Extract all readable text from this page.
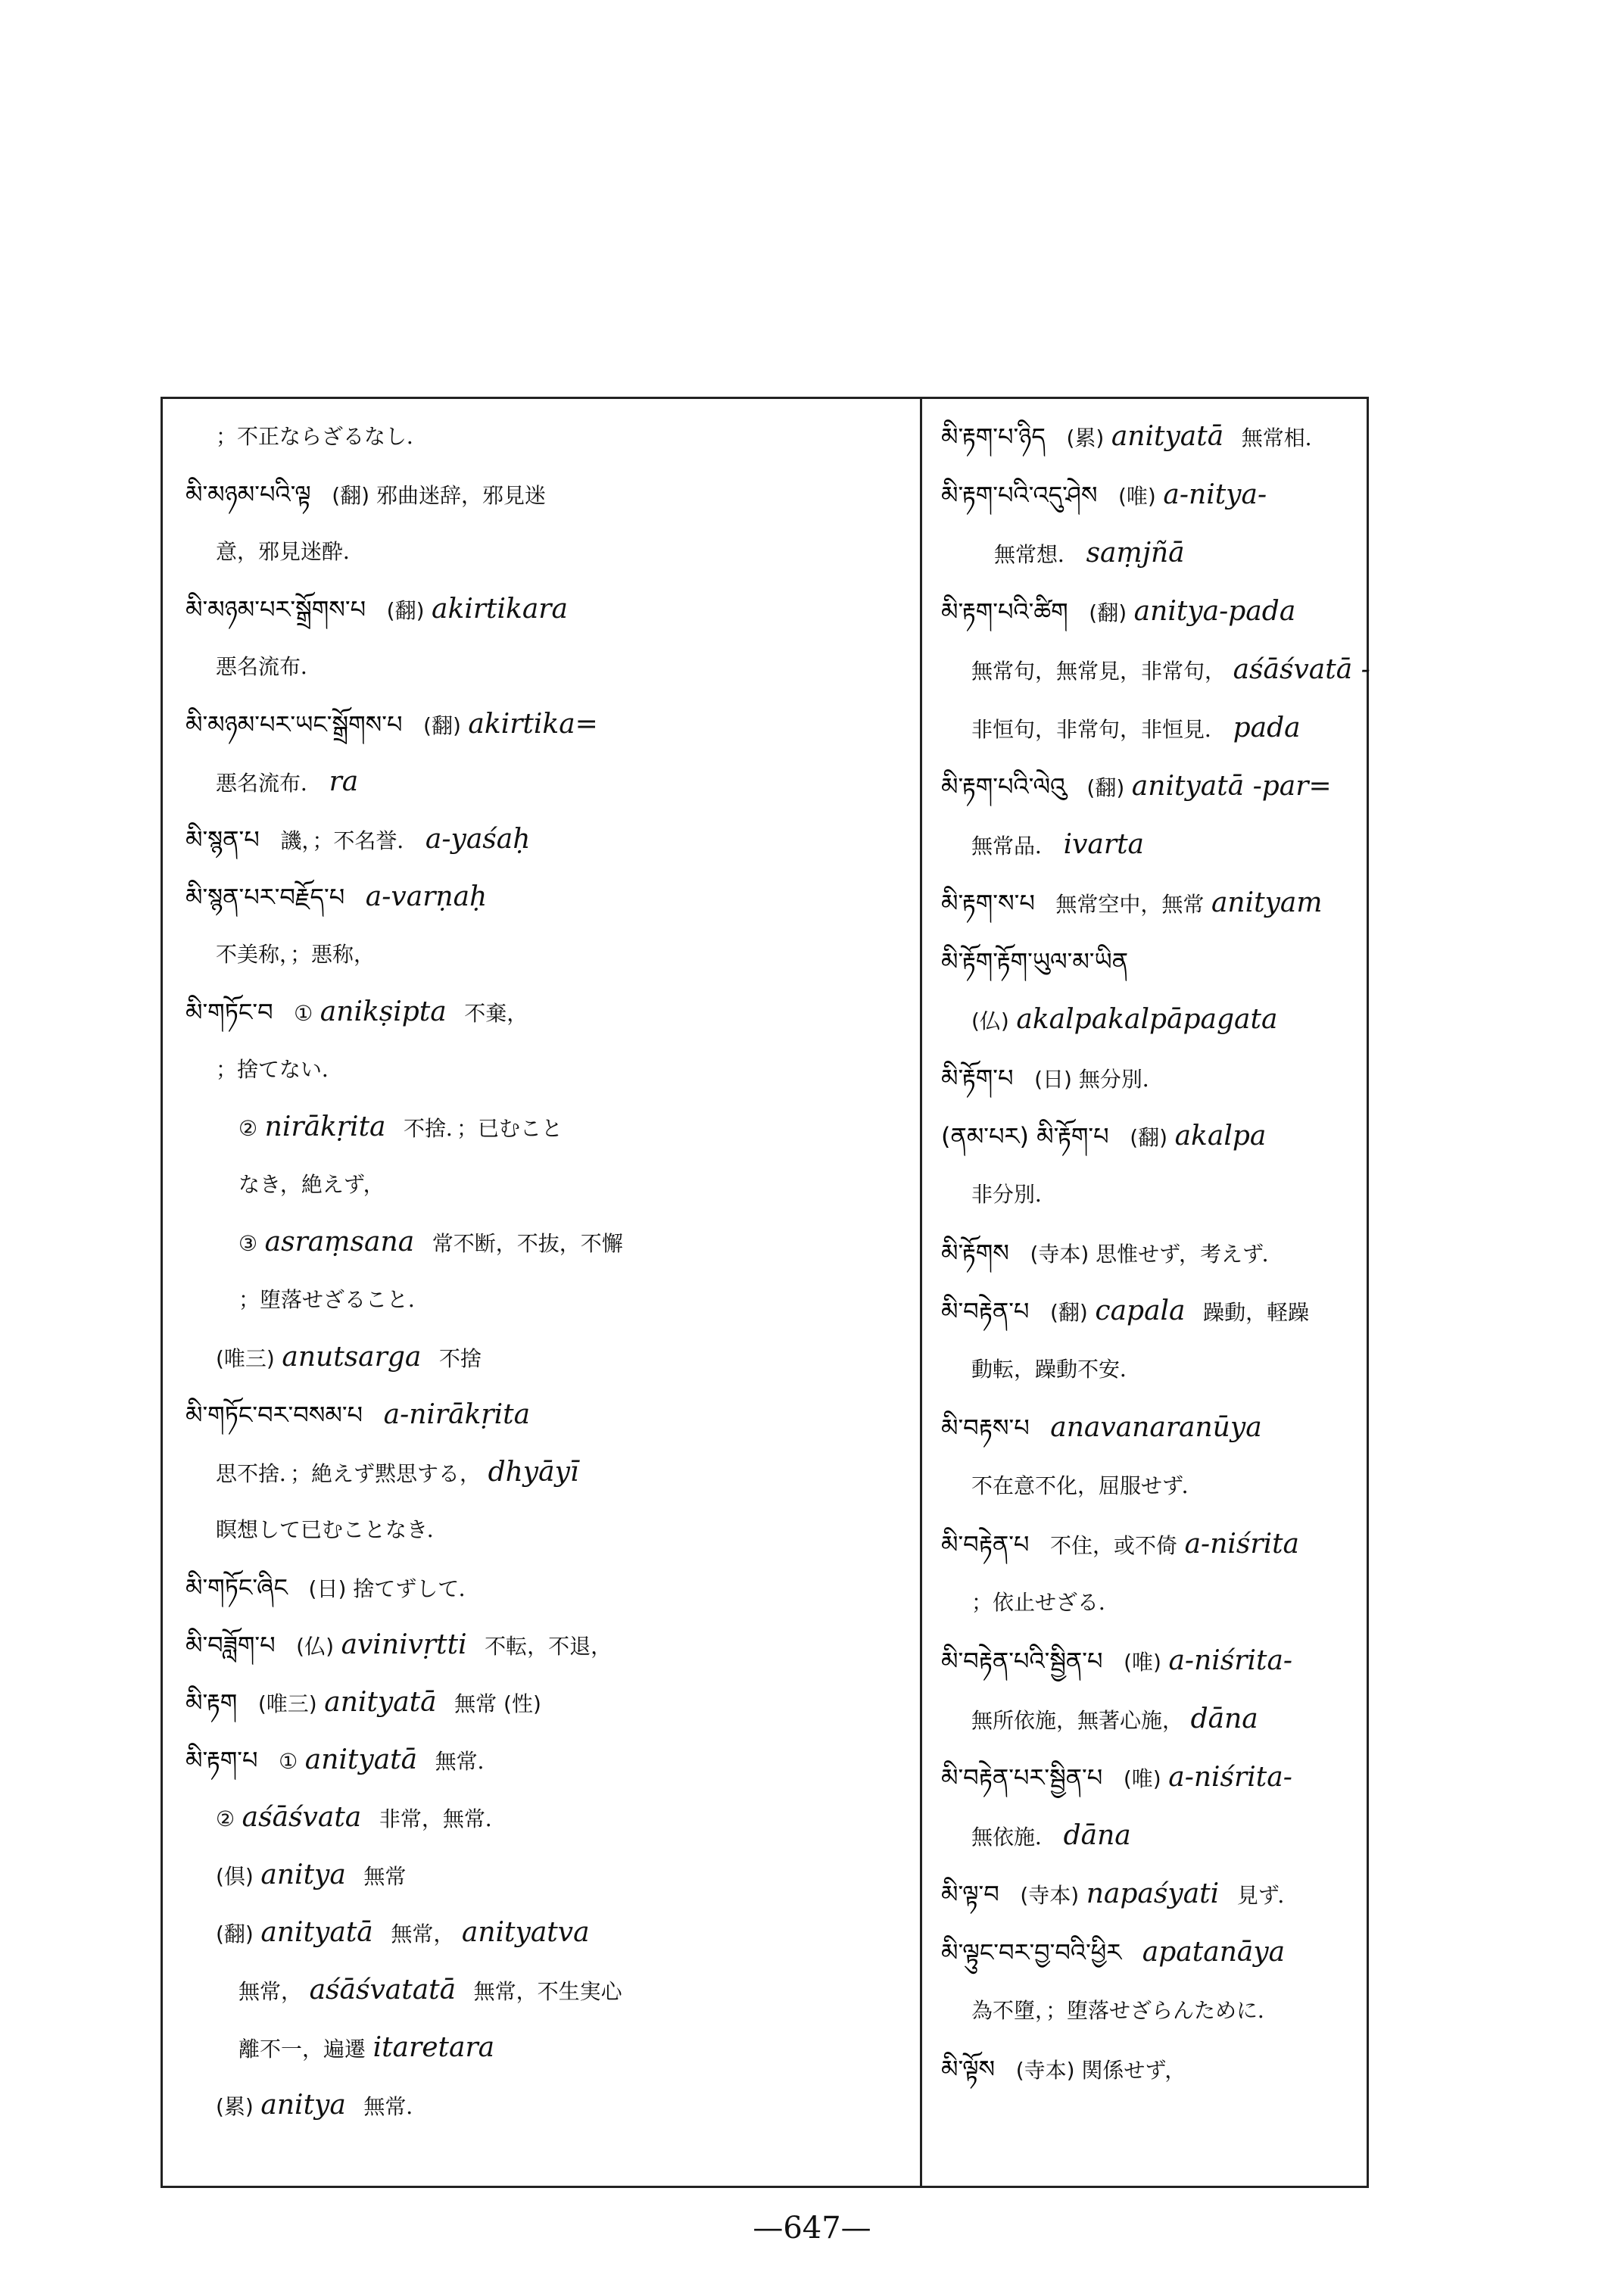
；不正ならざるなし．
མི་མཉམ་པའི་ལྟ (翻) 邪曲迷辞，邪見迷
意，邪見迷酔．
མི་མཉམ་པར་སྒྲོགས་པ (翻) akirtikara
悪名流布．
མི་མཉམ་པར་ཡང་སྒྲོགས་པ (翻) akirtika=
悪名流布． ra
མི་སྙན་པ 譏，；不名誉． a-yaśaḥ
མི་སྙན་པར་བརྗོད་པ a-varṇaḥ
不美称，；悪称，
མི་གཏོང་བ ① anikṣipta 不棄，
；捨てない．
② nirākṛita 不捨．；已むこと
なき，絶えず，
③ asraṃsana 常不断，不抜，不懈
；堕落せざること．
(唯三) anutsarga 不捨
མི་གཏོང་བར་བསམ་པ a-nirākṛita
思不捨．；絶えず黙思する， dhyāyī
瞑想して已むことなき．
མི་གཏོང་ཞིང (日) 捨てずして．
མི་བཟློག་པ (仏) avinivṛtti 不転，不退，
མི་རྟག (唯三) anityatā 無常 (性)
མི་རྟག་པ ① anityatā 無常．
② aśāśvata 非常，無常．
(倶) anitya 無常
(翻) anityatā 無常， anityatva
無常， aśāśvatatā 無常，不生実心
離不一，遍遷 itaretara
(累) anitya 無常．
མི་རྟག་པ་ཉིད (累) anityatā 無常相．
མི་རྟག་པའི་འདུ་ཤེས (唯) a-nitya-
無常想． saṃjñā
མི་རྟག་པའི་ཚིག (翻) anitya-pada
無常句，無常見，非常句， aśāśvatā -
非恒句，非常句，非恒見． pada
མི་རྟག་པའི་ལེའུ (翻) anityatā -par=
無常品． ivarta
མི་རྟག་ས་པ 無常空中，無常 anityam
མི་རྟོག་རྟོག་ཡུལ་མ་ཡིན
(仏) akalpakalpāpagata
མི་རྟོག་པ (日) 無分別．
(ནམ་པར) མི་རྟོག་པ (翻) akalpa
非分別．
མི་རྟོགས (寺本) 思惟せず，考えず．
མི་བརྟེན་པ (翻) capala 躁動，軽躁
動転，躁動不安．
མི་བརྟས་པ anavanaranūya
不在意不化，屈服せず．
མི་བརྟེན་པ 不住，或不倚 a-niśrita
；依止せざる．
མི་བརྟེན་པའི་སྦྱིན་པ (唯) a-niśrita-
無所依施，無著心施， dāna
མི་བརྟེན་པར་སྦྱིན་པ (唯) a-niśrita-
無依施． dāna
མི་ལྟ་བ (寺本) napaśyati 見ず．
མི་ལྟུང་བར་བྱ་བའི་ཕྱིར apatanāya
為不墮，；堕落せざらんために．
མི་ལྟོས (寺本) 関係せず，
—647—
